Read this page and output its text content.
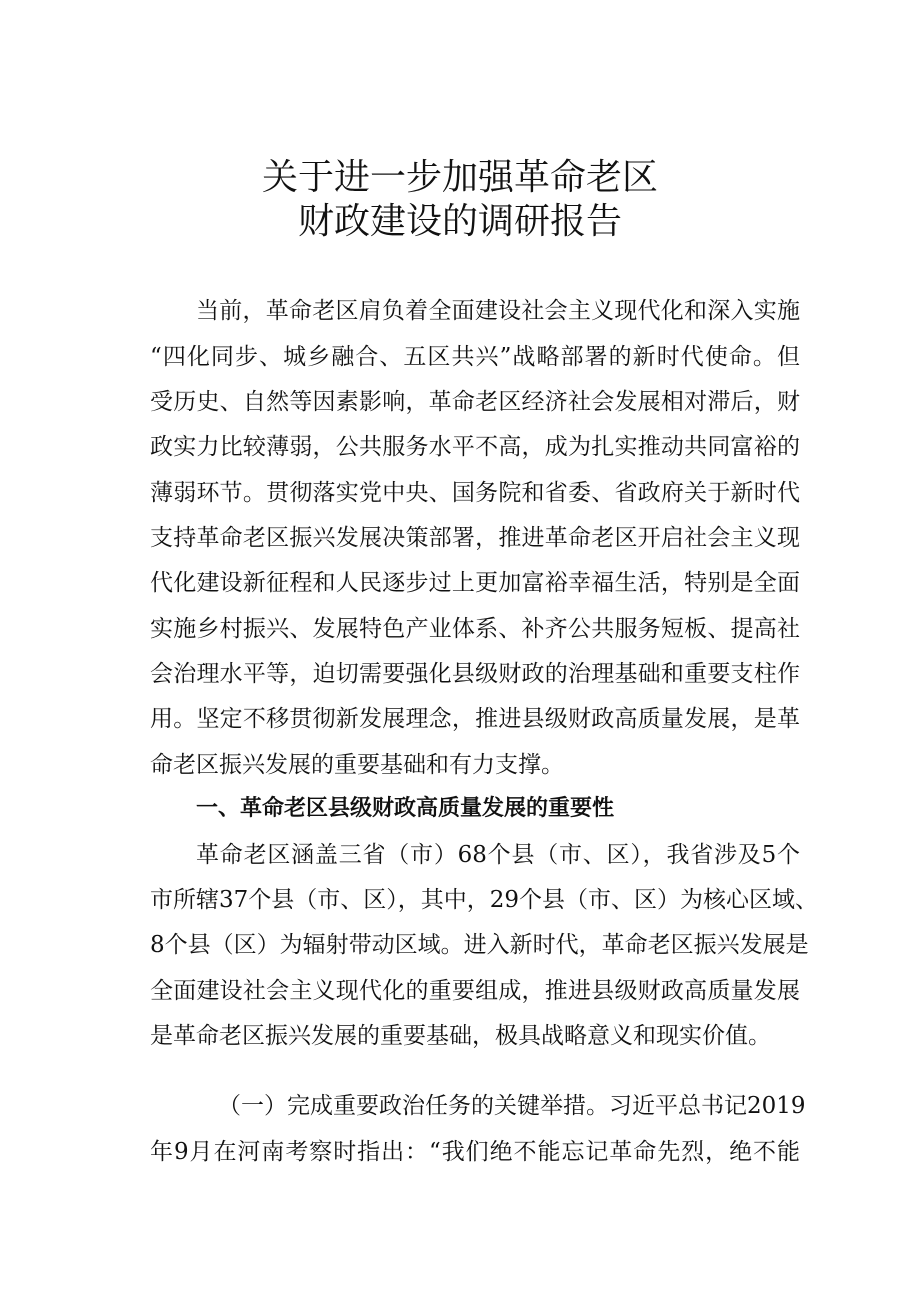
关于进一步加强革命老区
财政建设的调研报告
当前，革命老区肩负着全面建设社会主义现代化和深入实施
“四化同步、城乡融合、五区共兴”战略部署的新时代使命。但
受历史、自然等因素影响，革命老区经济社会发展相对滞后，财
政实力比较薄弱，公共服务水平不高，成为扎实推动共同富裕的
薄弱环节。贯彻落实党中央、国务院和省委、省政府关于新时代
支持革命老区振兴发展决策部署，推进革命老区开启社会主义现
代化建设新征程和人民逐步过上更加富裕幸福生活，特别是全面
实施乡村振兴、发展特色产业体系、补齐公共服务短板、提高社
会治理水平等，迫切需要强化县级财政的治理基础和重要支柱作
用。坚定不移贯彻新发展理念，推进县级财政高质量发展，是革
命老区振兴发展的重要基础和有力支撑。
一、革命老区县级财政高质量发展的重要性
革命老区涵盖三省（市）68个县（市、区），我省涉及5个
市所辖37个县（市、区），其中，29个县（市、区）为核心区域、
8个县（区）为辐射带动区域。进入新时代，革命老区振兴发展是
全面建设社会主义现代化的重要组成，推进县级财政高质量发展
是革命老区振兴发展的重要基础，极具战略意义和现实价值。
（一）完成重要政治任务的关键举措。习近平总书记2019
年9月在河南考察时指出：“我们绝不能忘记革命先烈，绝不能
